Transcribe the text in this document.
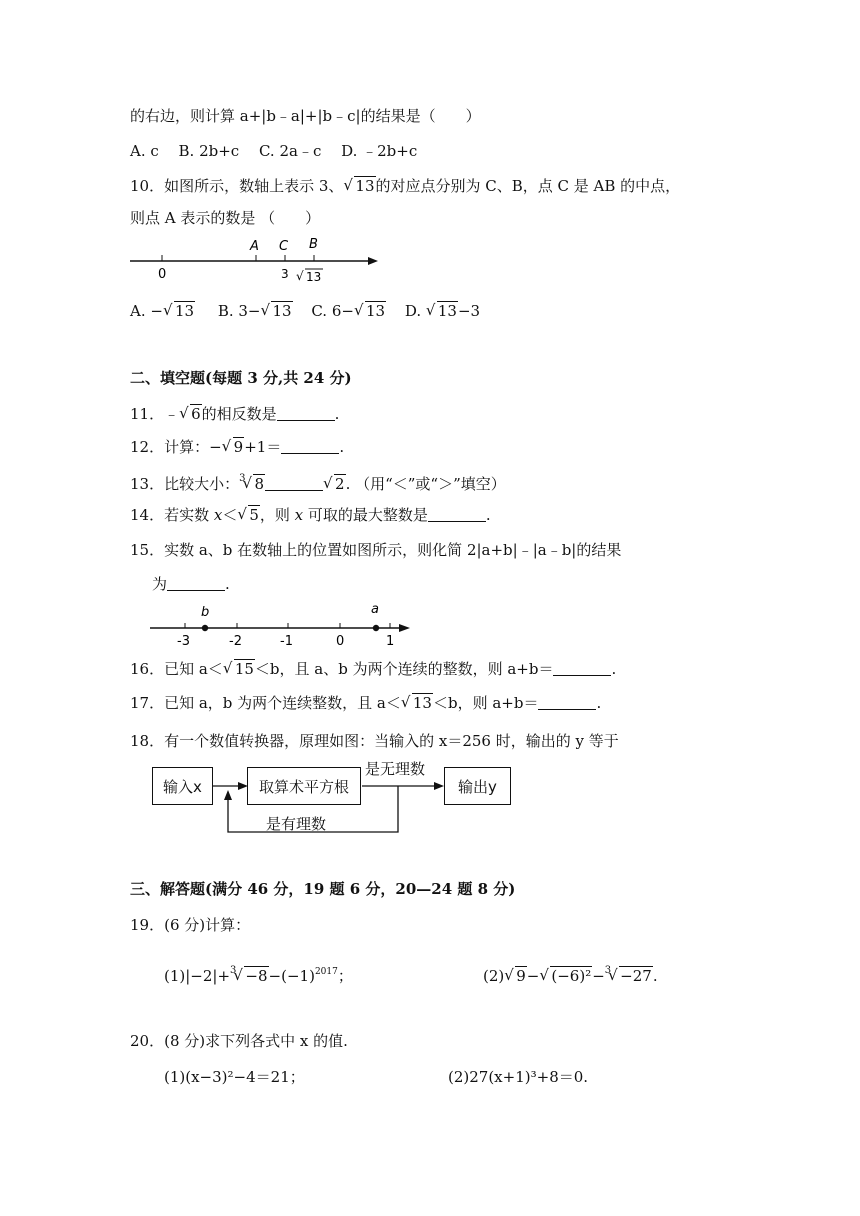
的右边，则计算 a+|b﹣a|+|b﹣c|的结果是（　　）
A. c　 B. 2b+c　 C. 2a﹣c　 D. ﹣2b+c
10．如图所示，数轴上表示 3、√ 13的对应点分别为 C、B，点 C 是 AB 的中点，
则点 A 表示的数是 （　　）
0
A C B
3 √ 13
A. −√ 13 B. 3−√ 13 C. 6−√ 13 D. √ 13−3
二、填空题(每题 3 分,共 24 分)
11．﹣√ 6的相反数是	.
12．计算：−√ 9+1＝	.
13．比较大小：$^3$√ 8√	2. （用“＜”或“＞”填空）
14．若实数 x＜√ 5，则 x 可取的最大整数是	.
15．实数 a、b 在数轴上的位置如图所示，则化简 2|a+b|﹣|a﹣b|的结果
为	.
b	a
-3	-2	-1	0	1
16．已知 a＜√ 15＜b，且 a、b 为两个连续的整数，则 a+b＝	.
17．已知 a，b 为两个连续整数，且 a＜√ 13＜b，则 a+b＝	.
18．有一个数值转换器，原理如图：当输入的 x＝256 时，输出的 y 等于
输入x	取算术平方根	输出y
是无理数
是有理数
三、解答题(满分 46 分，19 题 6 分，20—24 题 8 分)
19．(6 分)计算：
$(1)|-2|+^3√ -8-(-1)^{2017}$；	(2)√ 9−√ (−6)²−$^3$√ −27.
20．(8 分)求下列各式中 x 的值.
(1)(x−3)²−4＝21；	(2)27(x+1)³+8＝0.
